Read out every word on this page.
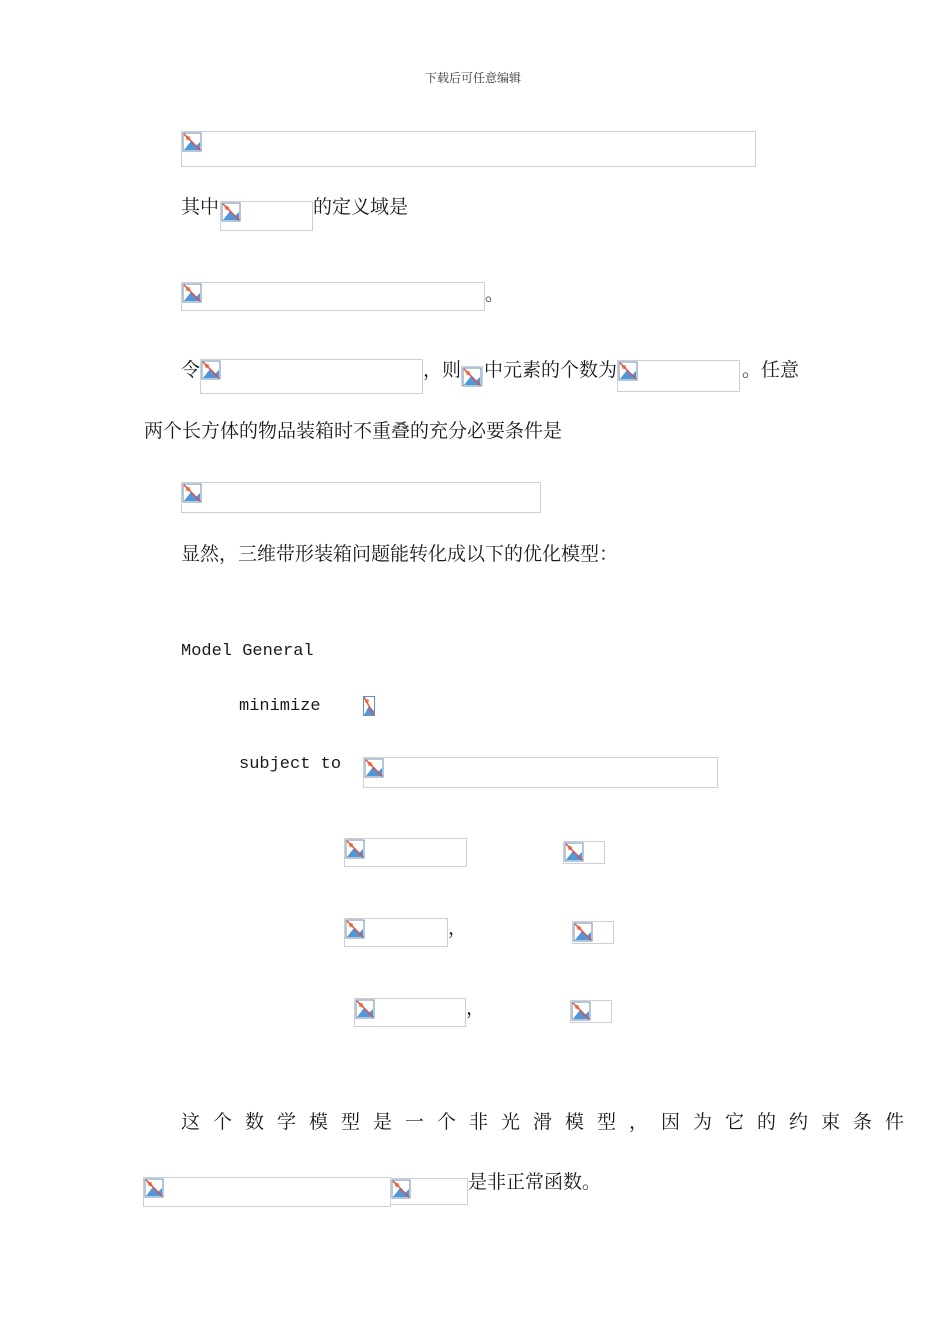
下载后可任意编辑
其中	的定义域是
。
令	，则 中元素的个数为	。任意
两个长方体的物品装箱时不重叠的充分必要条件是
显然，三维带形装箱问题能转化成以下的优化模型：
Model General
minimize
subject to
，
，
这个数学模型是一个非光滑模型，因为它的约束条件
是非正常函数。
